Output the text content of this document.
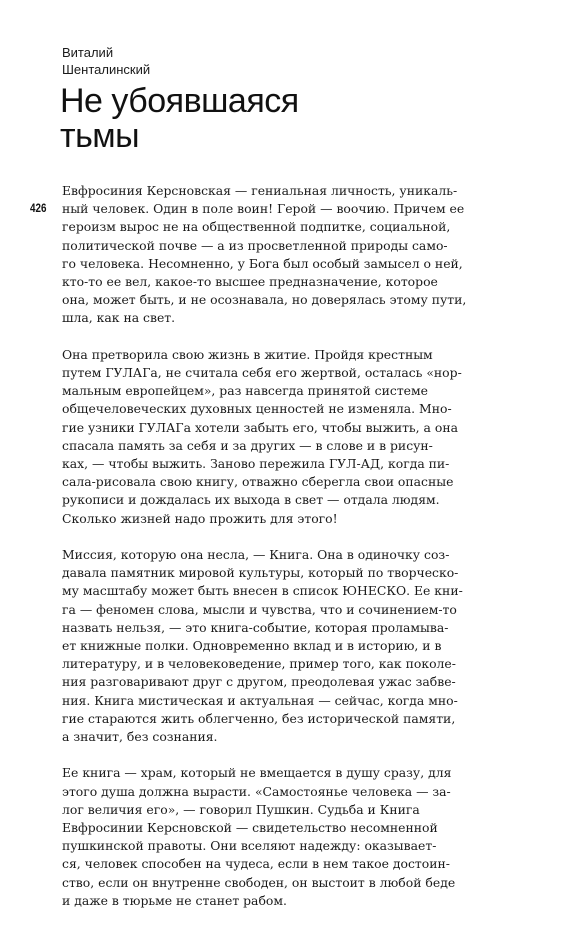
Виталий
Шенталинский
Не убоявшаяся
тьмы
426
Евфросиния Керсновская — гениальная личность, уникаль-
ный человек. Один в поле воин! Герой — воочию. Причем ее
героизм вырос не на общественной подпитке, социальной,
политической почве — а из просветленной природы само-
го человека. Несомненно, у Бога был особый замысел о ней,
кто-то ее вел, какое-то высшее предназначение, которое
она, может быть, и не осознавала, но доверялась этому пути,
шла, как на свет.
Она претворила свою жизнь в житие. Пройдя крестным
путем ГУЛАГа, не считала себя его жертвой, осталась «нор-
мальным европейцем», раз навсегда принятой системе
общечеловеческих духовных ценностей не изменяла. Мно-
гие узники ГУЛАГа хотели забыть его, чтобы выжить, а она
спасала память за себя и за других — в слове и в рисун-
ках, — чтобы выжить. Заново пережила ГУЛ-АД, когда пи-
сала-рисовала свою книгу, отважно сберегла свои опасные
рукописи и дождалась их выхода в свет — отдала людям.
Сколько жизней надо прожить для этого!
Миссия, которую она несла, — Книга. Она в одиночку соз-
давала памятник мировой культуры, который по творческо-
му масштабу может быть внесен в список ЮНЕСКО. Ее кни-
га — феномен слова, мысли и чувства, что и сочинением-то
назвать нельзя, — это книга-событие, которая проламыва-
ет книжные полки. Одновременно вклад и в историю, и в
литературу, и в человековедение, пример того, как поколе-
ния разговаривают друг с другом, преодолевая ужас забве-
ния. Книга мистическая и актуальная — сейчас, когда мно-
гие стараются жить облегченно, без исторической памяти,
а значит, без сознания.
Ее книга — храм, который не вмещается в душу сразу, для
этого душа должна вырасти. «Самостоянье человека — за-
лог величия его», — говорил Пушкин. Судьба и Книга
Евфросинии Керсновской — свидетельство несомненной
пушкинской правоты. Они вселяют надежду: оказывает-
ся, человек способен на чудеса, если в нем такое достоин-
ство, если он внутренне свободен, он выстоит в любой беде
и даже в тюрьме не станет рабом.
